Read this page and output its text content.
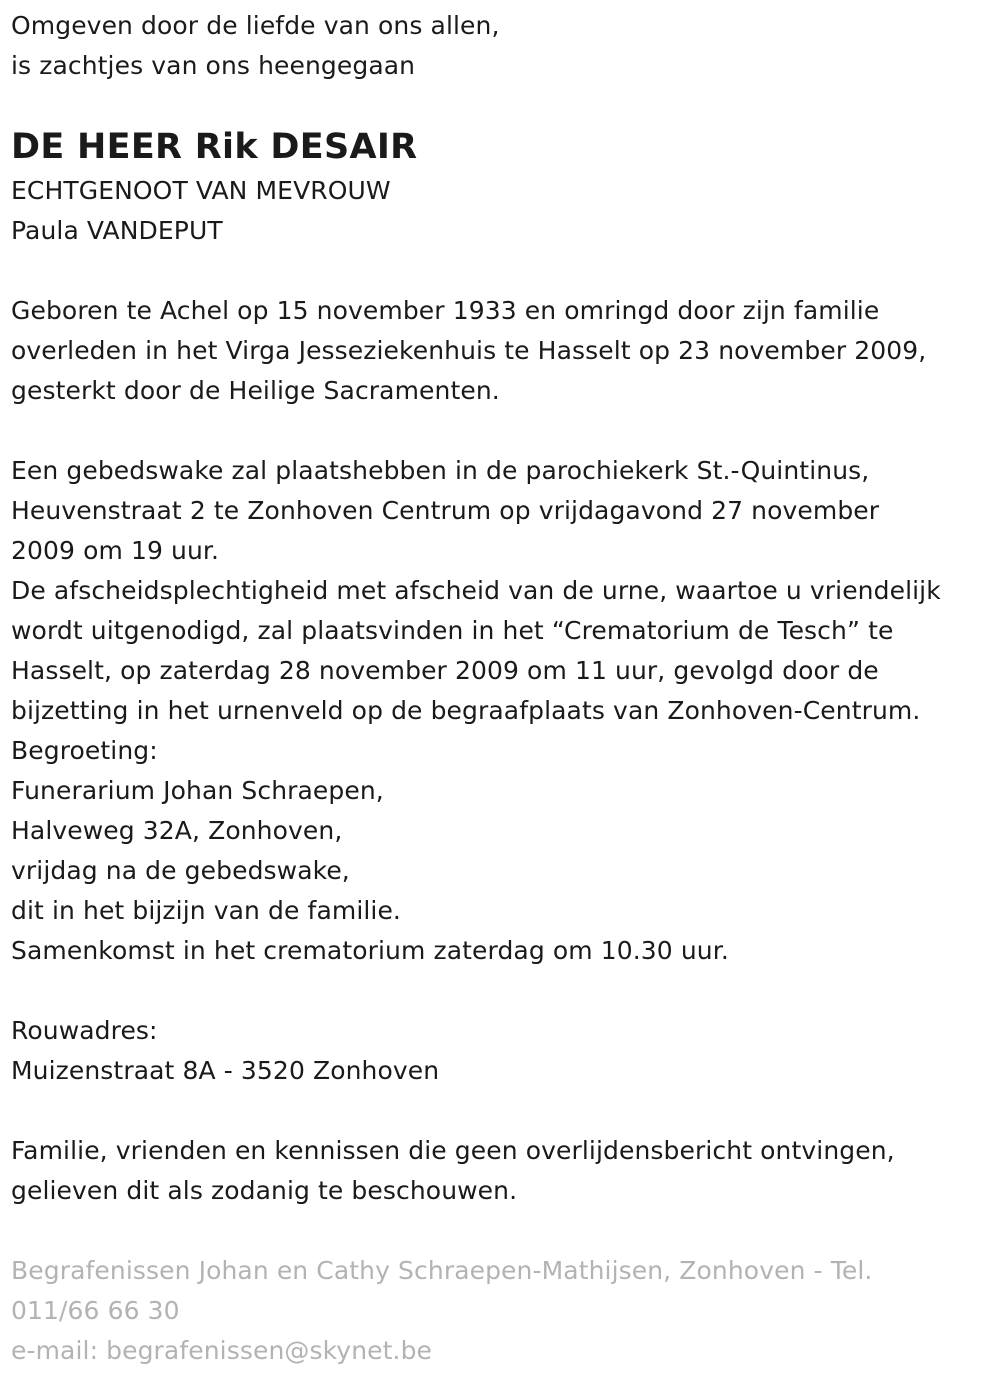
Omgeven door de liefde van ons allen,
is zachtjes van ons heengegaan
DE HEER Rik DESAIR
ECHTGENOOT VAN MEVROUW
Paula VANDEPUT
Geboren te Achel op 15 november 1933 en omringd door zijn familie
overleden in het Virga Jesseziekenhuis te Hasselt op 23 november 2009,
gesterkt door de Heilige Sacramenten.
Een gebedswake zal plaatshebben in de parochiekerk St.-Quintinus,
Heuvenstraat 2 te Zonhoven Centrum op vrijdagavond 27 november
2009 om 19 uur.
De afscheidsplechtigheid met afscheid van de urne, waartoe u vriendelijk
wordt uitgenodigd, zal plaatsvinden in het “Crematorium de Tesch” te
Hasselt, op zaterdag 28 november 2009 om 11 uur, gevolgd door de
bijzetting in het urnenveld op de begraafplaats van Zonhoven-Centrum.
Begroeting:
Funerarium Johan Schraepen,
Halveweg 32A, Zonhoven,
vrijdag na de gebedswake,
dit in het bijzijn van de familie.
Samenkomst in het crematorium zaterdag om 10.30 uur.
Rouwadres:
Muizenstraat 8A - 3520 Zonhoven
Familie, vrienden en kennissen die geen overlijdensbericht ontvingen,
gelieven dit als zodanig te beschouwen.
Begrafenissen Johan en Cathy Schraepen-Mathijsen, Zonhoven - Tel.
011/66 66 30
e-mail: begrafenissen@skynet.be
